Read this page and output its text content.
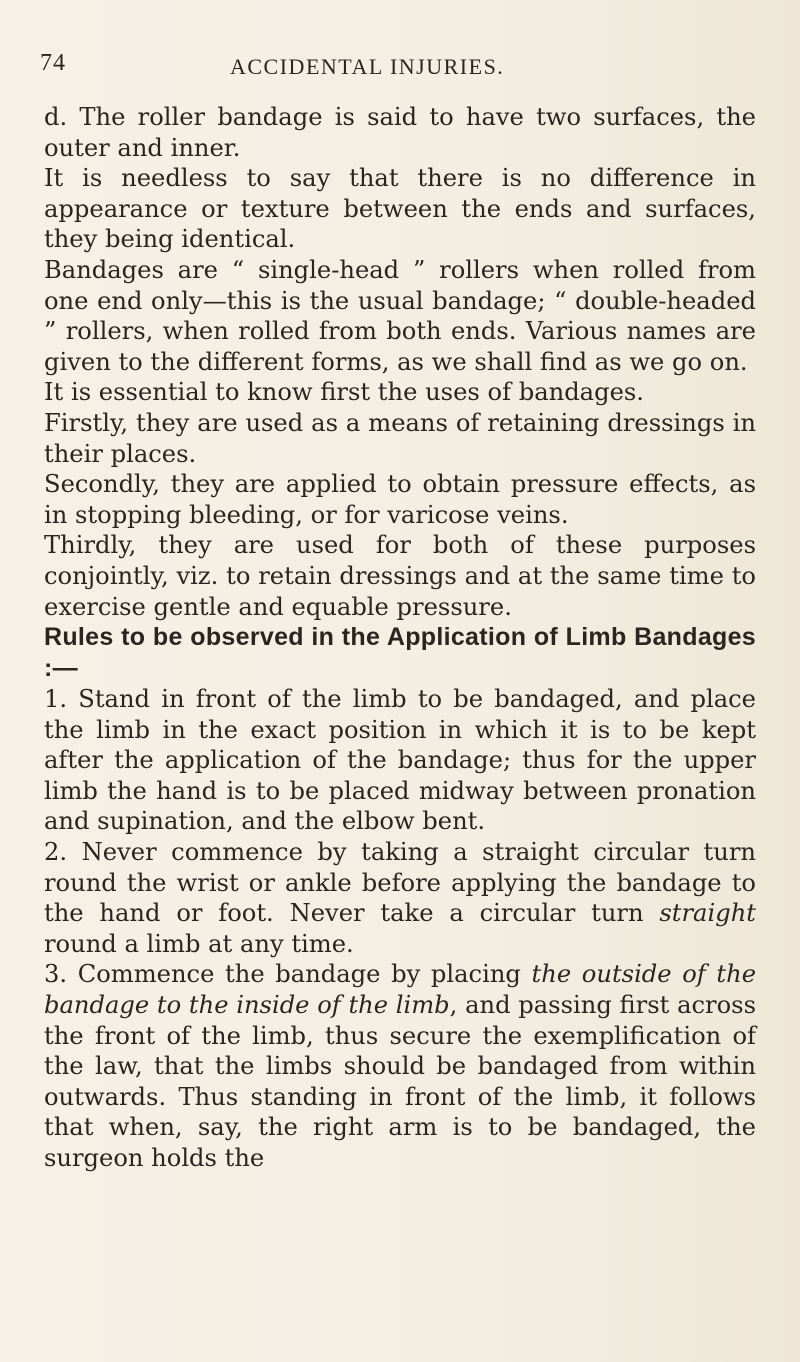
74	ACCIDENTAL INJURIES.

d. The roller bandage is said to have two surfaces, the outer and inner.

It is needless to say that there is no difference in appearance or texture between the ends and surfaces, they being identical.

Bandages are “ single-head ” rollers when rolled from one end only—this is the usual bandage; “ double-headed ” rollers, when rolled from both ends. Various names are given to the different forms, as we shall find as we go on.

It is essential to know first the uses of bandages.

Firstly, they are used as a means of retaining dressings in their places.

Secondly, they are applied to obtain pressure effects, as in stopping bleeding, or for varicose veins.

Thirdly, they are used for both of these purposes conjointly, viz. to retain dressings and at the same time to exercise gentle and equable pressure.

Rules to be observed in the Application of Limb Bandages :—

1. Stand in front of the limb to be bandaged, and place the limb in the exact position in which it is to be kept after the application of the bandage; thus for the upper limb the hand is to be placed midway between pronation and supination, and the elbow bent.

2. Never commence by taking a straight circular turn round the wrist or ankle before applying the bandage to the hand or foot. Never take a circular turn straight round a limb at any time.

3. Commence the bandage by placing the outside of the bandage to the inside of the limb, and passing first across the front of the limb, thus secure the exemplification of the law, that the limbs should be bandaged from within outwards. Thus standing in front of the limb, it follows that when, say, the right arm is to be bandaged, the surgeon holds the
